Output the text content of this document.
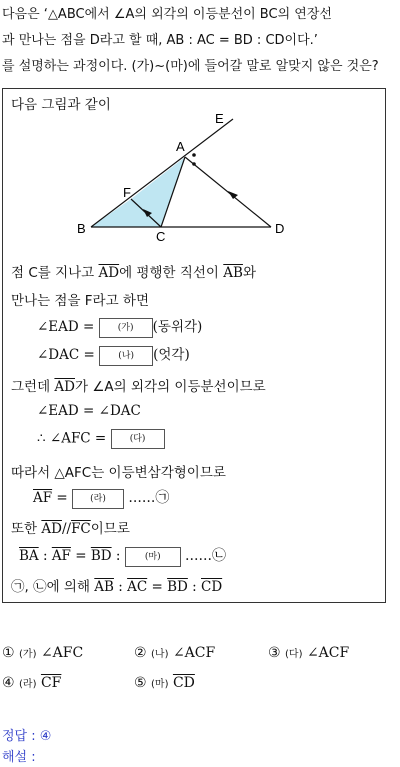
다음은 ‘△ABC에서 ∠A의 외각의 이등분선이 BC의 연장선
과 만나는 점을 D라고 할 때, AB : AC = BD : CD이다.’
를 설명하는 과정이다. (가)~(마)에 들어갈 말로 알맞지 않은 것은?
다음 그림과 같이
A
E
F
B
C
D
점 C를 지나고 $\overline{AD}$에 평행한 직선이 $\overline{AB}$와
만나는 점을 F라고 하면
∠EAD = (가) (동위각)
∠DAC = (나) (엇각)
그런데 $\overline{AD}$가 ∠A의 외각의 이등분선이므로
∠EAD = ∠DAC
∴ ∠AFC = (다)
따라서 △AFC는 이등변삼각형이므로
$\overline{AF}$ = (라) ……㉠
또한 $\overline{AD}//\overline{FC}$이므로
$\overline{BA}$ : $\overline{AF} = \overline{BD}$ : (마) ……㉡
㉠, ㉡에 의해 $\overline{AB}$ : $\overline{AC} = \overline{BD}$ : $\overline{CD}$
① (가) ∠AFC	② (나) ∠ACF	③ (다) ∠ACF
④ (라) $\overline{CF}$	⑤ (마) $\overline{CD}$
정답 : ④
해설 :
